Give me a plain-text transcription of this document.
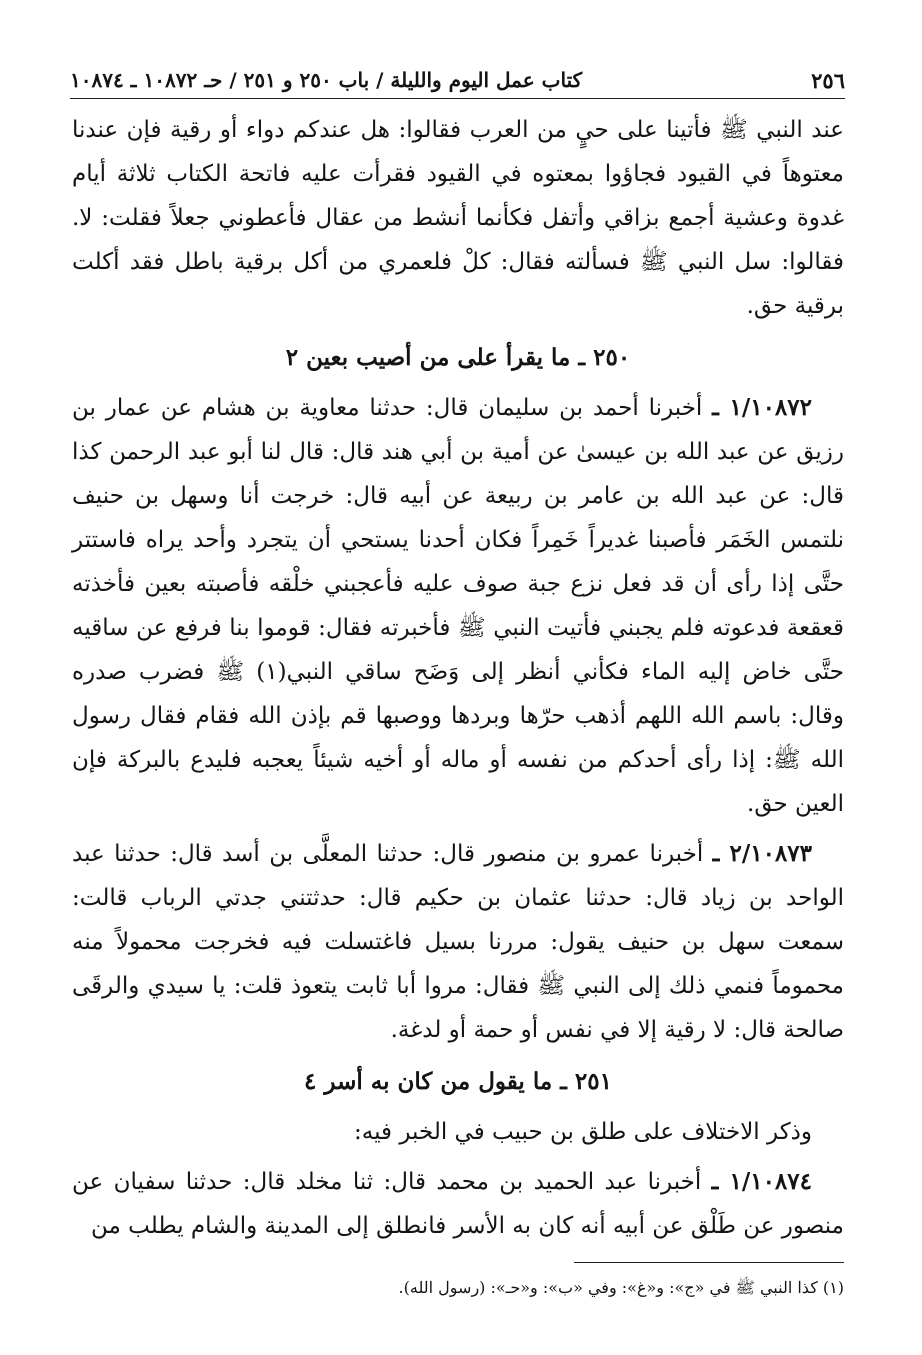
٢٥٦
كتاب عمل اليوم والليلة / باب ٢٥٠ و ٢٥١ / حـ ١٠٨٧٢ ـ ١٠٨٧٤

عند النبي ﷺ فأتينا على حيٍ من العرب فقالوا: هل عندكم دواء أو رقية فإن عندنا معتوهاً في القيود فجاؤوا بمعتوه في القيود فقرأت عليه فاتحة الكتاب ثلاثة أيام غدوة وعشية أجمع بزاقي وأتفل فكأنما أنشط من عقال فأعطوني جعلاً فقلت: لا. فقالوا: سل النبي ﷺ فسألته فقال: كلْ فلعمري من أكل برقية باطل فقد أكلت برقية حق.

٢٥٠ ـ ما يقرأ على من أصيب بعين ٢

١/١٠٨٧٢ ـ أخبرنا أحمد بن سليمان قال: حدثنا معاوية بن هشام عن عمار بن رزيق عن عبد الله بن عيسىٰ عن أمية بن أبي هند قال: قال لنا أبو عبد الرحمن كذا قال: عن عبد الله بن عامر بن ربيعة عن أبيه قال: خرجت أنا وسهل بن حنيف نلتمس الخَمَر فأصبنا غديراً خَمِراً فكان أحدنا يستحي أن يتجرد وأحد يراه فاستتر حتَّى إذا رأى أن قد فعل نزع جبة صوف عليه فأعجبني خلْقه فأصبته بعين فأخذته قعقعة فدعوته فلم يجبني فأتيت النبي ﷺ فأخبرته فقال: قوموا بنا فرفع عن ساقيه حتَّى خاض إليه الماء فكأني أنظر إلى وَضَح ساقي النبي(١) ﷺ فضرب صدره وقال: باسم الله اللهم أذهب حرّها وبردها ووصبها قم بإذن الله فقام فقال رسول الله ﷺ: إذا رأى أحدكم من نفسه أو ماله أو أخيه شيئاً يعجبه فليدع بالبركة فإن العين حق.

٢/١٠٨٧٣ ـ أخبرنا عمرو بن منصور قال: حدثنا المعلَّى بن أسد قال: حدثنا عبد الواحد بن زياد قال: حدثنا عثمان بن حكيم قال: حدثتني جدتي الرباب قالت: سمعت سهل بن حنيف يقول: مررنا بسيل فاغتسلت فيه فخرجت محمولاً منه محموماً فنمي ذلك إلى النبي ﷺ فقال: مروا أبا ثابت يتعوذ قلت: يا سيدي والرقَى صالحة قال: لا رقية إلا في نفس أو حمة أو لدغة.

٢٥١ ـ ما يقول من كان به أسر ٤

وذكر الاختلاف على طلق بن حبيب في الخبر فيه:

١/١٠٨٧٤ ـ أخبرنا عبد الحميد بن محمد قال: ثنا مخلد قال: حدثنا سفيان عن منصور عن طَلْق عن أبيه أنه كان به الأسر فانطلق إلى المدينة والشام يطلب من

(١) كذا النبي ﷺ في «ج»: و«غ»: وفي «ب»: و«حـ»: (رسول الله).
